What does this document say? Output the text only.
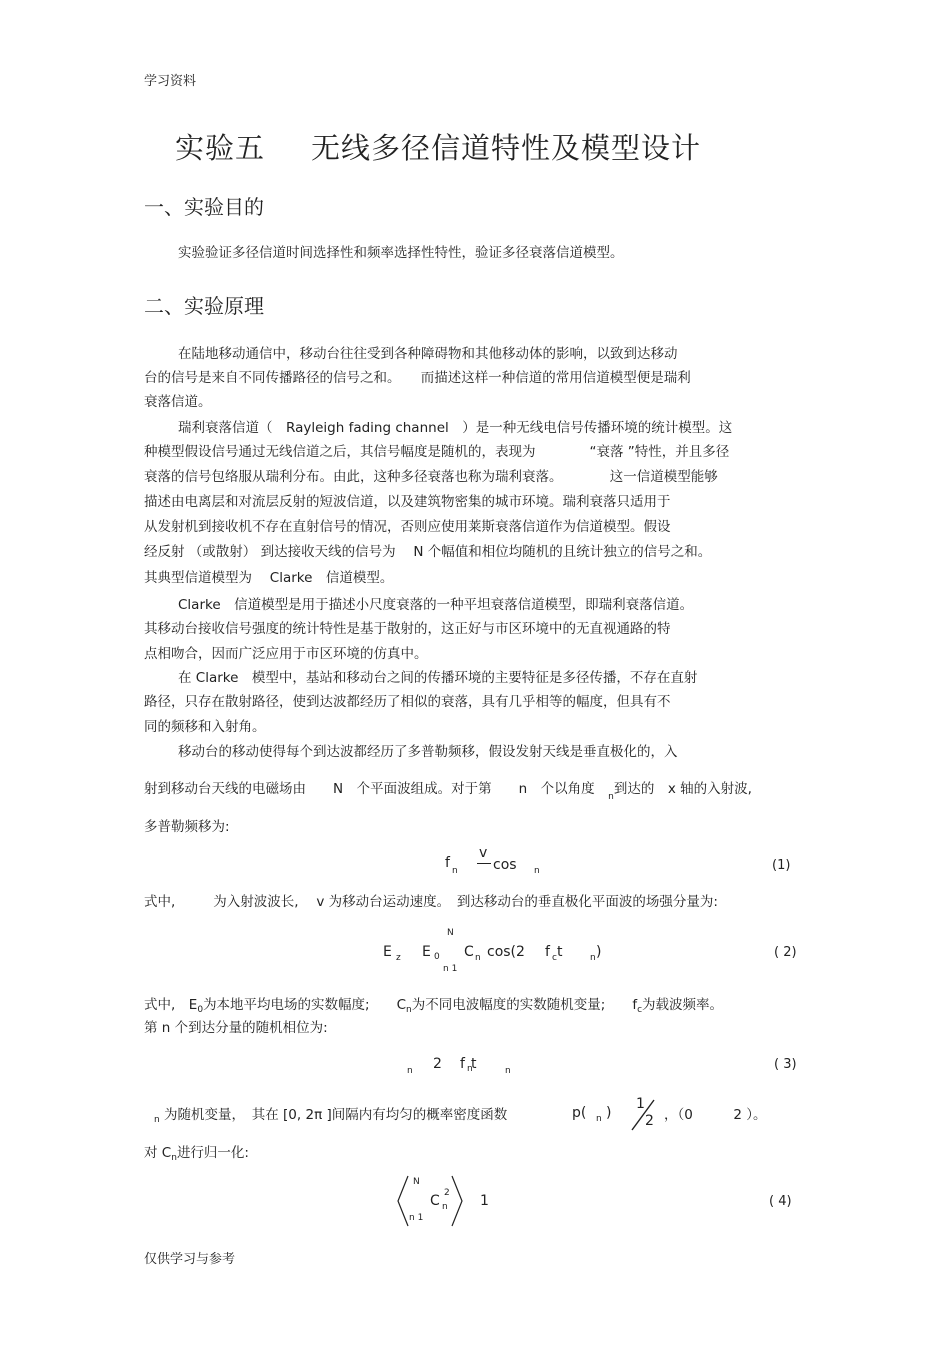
学习资料
实验五 无线多径信道特性及模型设计
一、实验目的
实验验证多径信道时间选择性和频率选择性特性，验证多径衰落信道模型。
二、实验原理
在陆地移动通信中，移动台往往受到各种障碍物和其他移动体的影响，以致到达移动
台的信号是来自不同传播路径的信号之和。　　而描述这样一种信道的常用信道模型便是瑞利
衰落信道。
瑞利衰落信道（　Rayleigh fading channel　）是一种无线电信号传播环境的统计模型。这
种模型假设信号通过无线信道之后，其信号幅度是随机的，表现为　　　　“衰落 ”特性，并且多径
衰落的信号包络服从瑞利分布。由此，这种多径衰落也称为瑞利衰落。　　　　这一信道模型能够
描述由电离层和对流层反射的短波信道，以及建筑物密集的城市环境。瑞利衰落只适用于
从发射机到接收机不存在直射信号的情况，否则应使用莱斯衰落信道作为信道模型。假设
经反射 （或散射） 到达接收天线的信号为　 N 个幅值和相位均随机的且统计独立的信号之和。
其典型信道模型为　 Clarke　信道模型。
Clarke　信道模型是用于描述小尺度衰落的一种平坦衰落信道模型，即瑞利衰落信道。
其移动台接收信号强度的统计特性是基于散射的，这正好与市区环境中的无直视通路的特
点相吻合，因而广泛应用于市区环境的仿真中。
在 Clarke　模型中，基站和移动台之间的传播环境的主要特征是多径传播，不存在直射
路径，只存在散射路径，使到达波都经历了相似的衰落，具有几乎相等的幅度，但具有不
同的频移和入射角。
移动台的移动使得每个到达波都经历了多普勒频移，假设发射天线是垂直极化的，入
射到移动台天线的电磁场由　　N　个平面波组成。对于第　　n　个以角度　$_n$到达的　x 轴的入射波,
多普勒频移为:
f n
v
cos n	(1)
式中,	为入射波波长,　 v 为移动台运动速度。　到达移动台的垂直极化平面波的场强分量为:
N
E z E 0
n 1
C n cos(2 f c t	n )	( 2)
式中,　$E_0$为本地平均电场的实数幅度;　　$C_n$为不同电波幅度的实数随机变量;　　$f_c$为载波频率。
第 n 个到达分量的随机相位为:
n 2 f n
t	n	( 3)
n 为随机变量，　其在 [0, 2π ]间隔内有均匀的概率密度函数	p( n )
1
2 ，（0　　　2 ）。
对 $C_n$进行归一化:
N
C 2
n
n 1
1	( 4)
仅供学习与参考
